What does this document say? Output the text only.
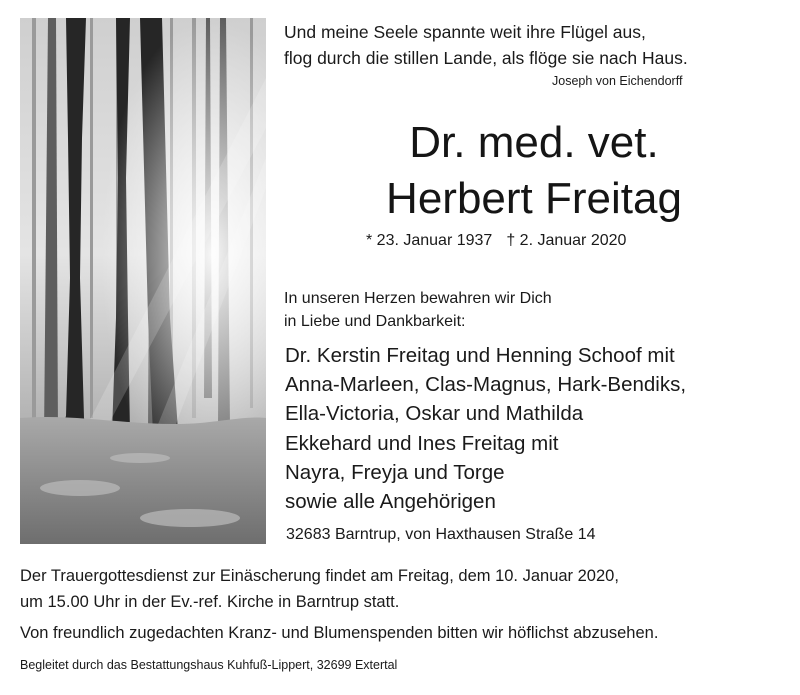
Und meine Seele spannte weit ihre Flügel aus,
flog durch die stillen Lande, als flöge sie nach Haus.
Joseph von Eichendorff
Dr. med. vet.
Herbert Freitag
* 23. Januar 1937 † 2. Januar 2020
In unseren Herzen bewahren wir Dich
in Liebe und Dankbarkeit:
Dr. Kerstin Freitag und Henning Schoof mit
Anna-Marleen, Clas-Magnus, Hark-Bendiks,
Ella-Victoria, Oskar und Mathilda
Ekkehard und Ines Freitag mit
Nayra, Freyja und Torge
sowie alle Angehörigen
32683 Barntrup, von Haxthausen Straße 14
Der Trauergottesdienst zur Einäscherung findet am Freitag, dem 10. Januar 2020,
um 15.00 Uhr in der Ev.-ref. Kirche in Barntrup statt.
Von freundlich zugedachten Kranz- und Blumenspenden bitten wir höflichst abzusehen.
Begleitet durch das Bestattungshaus Kuhfuß-Lippert, 32699 Extertal
